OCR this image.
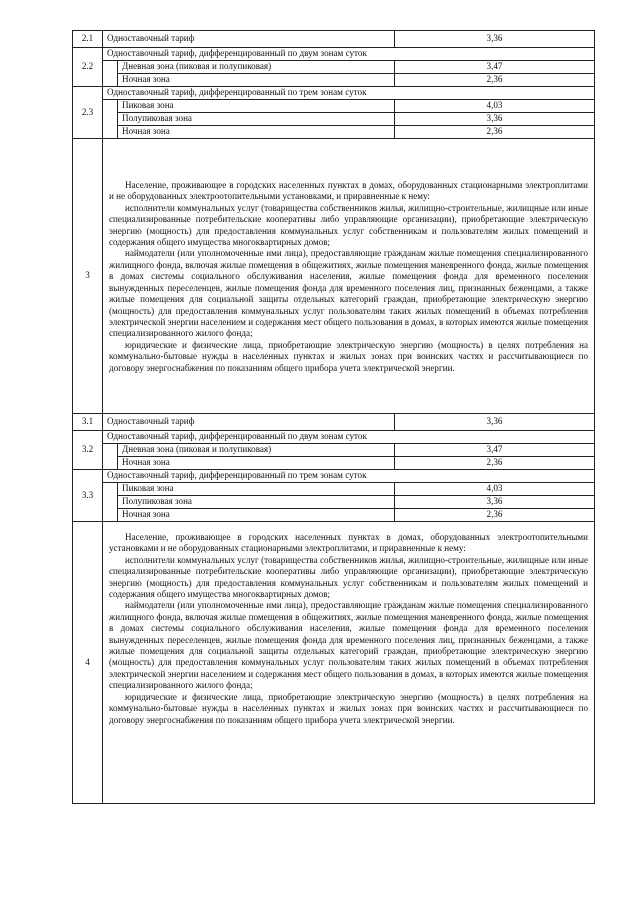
2.1	Одноставочный тариф		3,36
2.2	Одноставочный тариф, дифференцированный по двум зонам суток		
		Дневная зона (пиковая и полупиковая)	3,47
		Ночная зона	2,36
2.3	Одноставочный тариф, дифференцированный по трем зонам суток		
		Пиковая зона	4,03
		Полупиковая зона	3,36
		Ночная зона	2,36
3	Население, проживающее в городских населенных пунктах в домах, оборудованных стационарными электроплитами и не оборудованных электроотопительными установками, и приравненные к нему:

исполнители коммунальных услуг (товарищества собственников жилья, жилищно-строительные, жилищные или иные специализированные потребительские кооперативы либо управляющие организации), приобретающие электрическую энергию (мощность) для предоставления коммунальных услуг собственникам и пользователям жилых помещений и содержания общего имущества многоквартирных домов;

наймодатели (или уполномоченные ими лица), предоставляющие гражданам жилые помещения специализированного жилищного фонда, включая жилые помещения в общежитиях, жилые помещения маневренного фонда, жилые помещения в домах системы социального обслуживания населения, жилые помещения фонда для временного поселения вынужденных переселенцев, жилые помещения фонда для временного поселения лиц, признанных беженцами, а также жилые помещения для социальной защиты отдельных категорий граждан, приобретающие электрическую энергию (мощность) для предоставления коммунальных услуг пользователям таких жилых помещений в объемах потребления электрической энергии населением и содержания мест общего пользования в домах, в которых имеются жилые помещения специализированного жилого фонда;

юридические и физические лица, приобретающие электрическую энергию (мощность) в целях потребления на коммунально-бытовые нужды в населенных пунктах и жилых зонах при воинских частях и рассчитывающиеся по договору энергоснабжения по показаниям общего прибора учета электрической энергии.		

3.1	Одноставочный тариф		3,36
3.2	Одноставочный тариф, дифференцированный по двум зонам суток		
		Дневная зона (пиковая и полупиковая)	3,47
		Ночная зона	2,36
3.3	Одноставочный тариф, дифференцированный по трем зонам суток		
		Пиковая зона	4,03
		Полупиковая зона	3,36
		Ночная зона	2,36
4	Население, проживающее в городских населенных пунктах в домах, оборудованных электроотопительными установками и не оборудованных стационарными электроплитами, и приравненные к нему:

исполнители коммунальных услуг (товарищества собственников жилья, жилищно-строительные, жилищные или иные специализированные потребительские кооперативы либо управляющие организации), приобретающие электрическую энергию (мощность) для предоставления коммунальных услуг собственникам и пользователям жилых помещений и содержания общего имущества многоквартирных домов;

наймодатели (или уполномоченные ими лица), предоставляющие гражданам жилые помещения специализированного жилищного фонда, включая жилые помещения в общежитиях, жилые помещения маневренного фонда, жилые помещения в домах системы социального обслуживания населения, жилые помещения фонда для временного поселения вынужденных переселенцев, жилые помещения фонда для временного поселения лиц, признанных беженцами, а также жилые помещения для социальной защиты отдельных категорий граждан, приобретающие электрическую энергию (мощность) для предоставления коммунальных услуг пользователям таких жилых помещений в объемах потребления электрической энергии населением и содержания мест общего пользования в домах, в которых имеются жилые помещения специализированного жилого фонда;

юридические и физические лица, приобретающие электрическую энергию (мощность) в целях потребления на коммунально-бытовые нужды в населенных пунктах и жилых зонах при воинских частях и рассчитывающиеся по договору энергоснабжения по показаниям общего прибора учета электрической энергии.		
